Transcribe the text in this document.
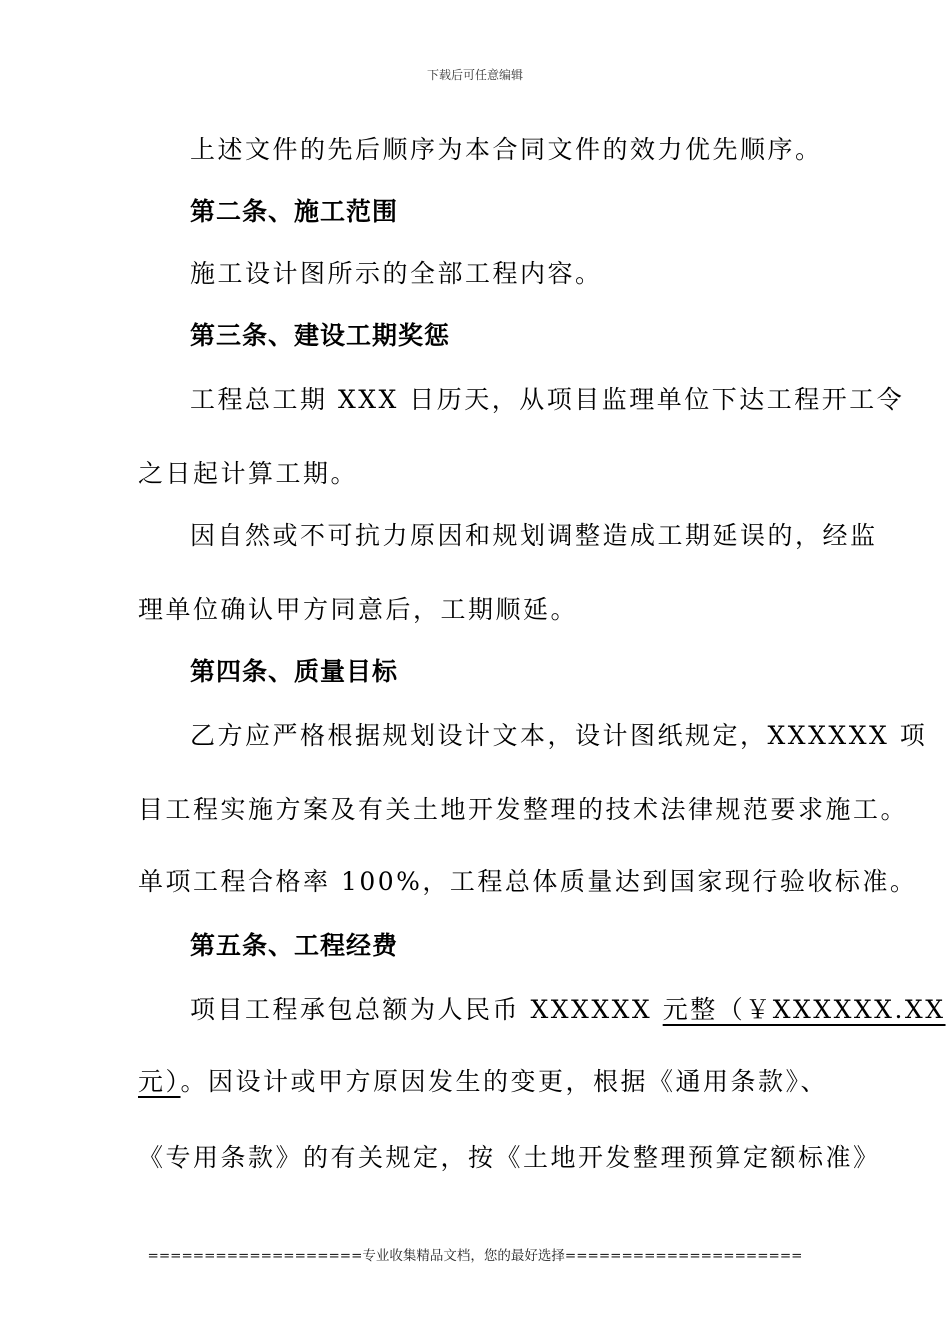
下载后可任意编辑
上述文件的先后顺序为本合同文件的效力优先顺序。
第二条、施工范围
施工设计图所示的全部工程内容。
第三条、建设工期奖惩
工程总工期 XXX 日历天，从项目监理单位下达工程开工令
之日起计算工期。
因自然或不可抗力原因和规划调整造成工期延误的，经监
理单位确认甲方同意后，工期顺延。
第四条、质量目标
乙方应严格根据规划设计文本，设计图纸规定，XXXXXX 项
目工程实施方案及有关土地开发整理的技术法律规范要求施工。
单项工程合格率 100%，工程总体质量达到国家现行验收标准。
第五条、工程经费
项目工程承包总额为人民币 XXXXXX 元整（￥XXXXXX.XX
元）。因设计或甲方原因发生的变更，根据《通用条款》、
《专用条款》的有关规定，按《土地开发整理预算定额标准》
===================专业收集精品文档，您的最好选择=====================
